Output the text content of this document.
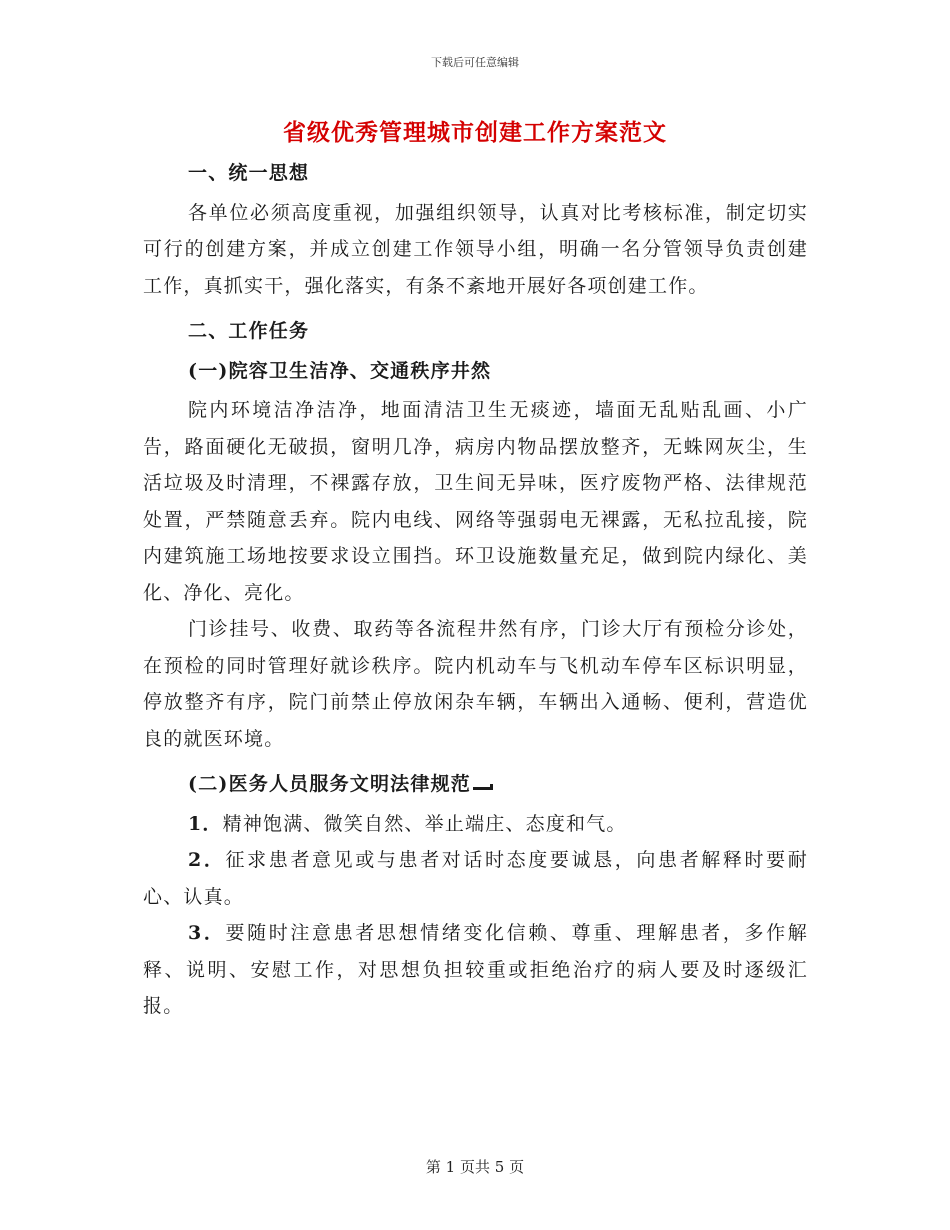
下载后可任意编辑
省级优秀管理城市创建工作方案范文

一、统一思想

各单位必须高度重视，加强组织领导，认真对比考核标准，制定切实可行的创建方案，并成立创建工作领导小组，明确一名分管领导负责创建工作，真抓实干，强化落实，有条不紊地开展好各项创建工作。

二、工作任务

(一)院容卫生洁净、交通秩序井然

院内环境洁净洁净，地面清洁卫生无痰迹，墙面无乱贴乱画、小广告，路面硬化无破损，窗明几净，病房内物品摆放整齐，无蛛网灰尘，生活垃圾及时清理，不裸露存放，卫生间无异味，医疗废物严格、法律规范处置，严禁随意丢弃。院内电线、网络等强弱电无裸露，无私拉乱接，院内建筑施工场地按要求设立围挡。环卫设施数量充足，做到院内绿化、美化、净化、亮化。

门诊挂号、收费、取药等各流程井然有序，门诊大厅有预检分诊处，在预检的同时管理好就诊秩序。院内机动车与飞机动车停车区标识明显，停放整齐有序，院门前禁止停放闲杂车辆，车辆出入通畅、便利，营造优良的就医环境。

(二)医务人员服务文明法律规范

1．精神饱满、微笑自然、举止端庄、态度和气。

2．征求患者意见或与患者对话时态度要诚恳，向患者解释时要耐心、认真。

3．要随时注意患者思想情绪变化信赖、尊重、理解患者，多作解释、说明、安慰工作，对思想负担较重或拒绝治疗的病人要及时逐级汇报。

第 1 页共 5 页
